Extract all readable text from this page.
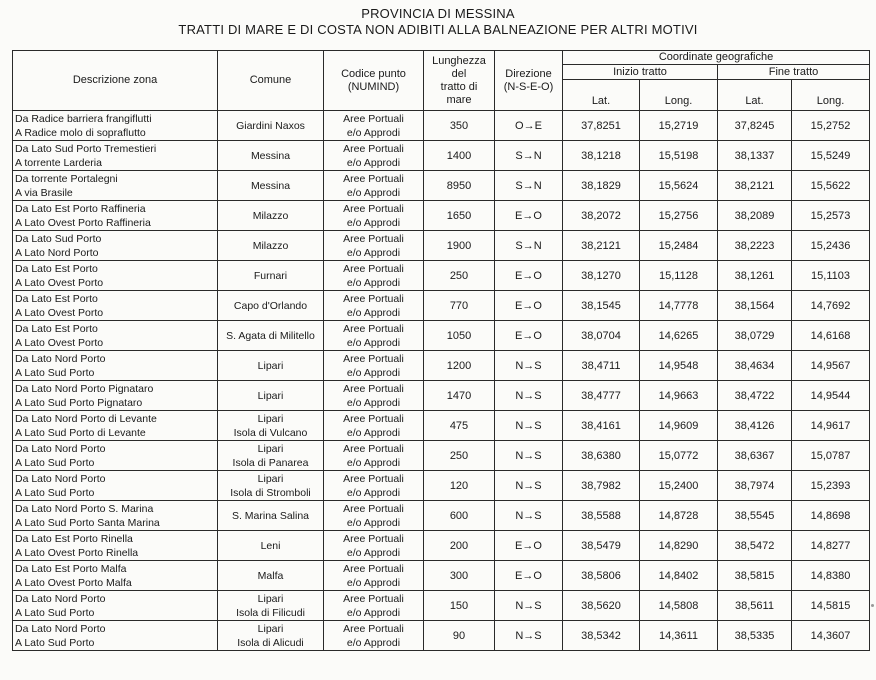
PROVINCIA DI MESSINA
TRATTI DI MARE E DI COSTA NON ADIBITI ALLA BALNEAZIONE PER ALTRI MOTIVI
Descrizione zona	Comune	Codice punto
(NUMIND)	Lunghezza
del
tratto di
mare	Direzione
(N-S-E-O)	Coordinate geografiche			
					Inizio tratto		Fine tratto	
					Lat.	Long.	Lat.	Long.

Da Radice barriera frangiflutti
A Radice molo di sopraflutto	Giardini Naxos	Aree Portuali
e/o Approdi	350	O→E	37,8251	15,2719	37,8245	15,2752

Da Lato Sud Porto Tremestieri
A torrente Larderia	Messina	Aree Portuali
e/o Approdi	1400	S→N	38,1218	15,5198	38,1337	15,5249

Da torrente Portalegni
A via Brasile	Messina	Aree Portuali
e/o Approdi	8950	S→N	38,1829	15,5624	38,2121	15,5622

Da Lato Est Porto Raffineria
A Lato Ovest Porto Raffineria	Milazzo	Aree Portuali
e/o Approdi	1650	E→O	38,2072	15,2756	38,2089	15,2573

Da Lato Sud Porto
A Lato Nord Porto	Milazzo	Aree Portuali
e/o Approdi	1900	S→N	38,2121	15,2484	38,2223	15,2436

Da Lato Est Porto
A Lato Ovest Porto	Furnari	Aree Portuali
e/o Approdi	250	E→O	38,1270	15,1128	38,1261	15,1103

Da Lato Est Porto
A Lato Ovest Porto	Capo d'Orlando	Aree Portuali
e/o Approdi	770	E→O	38,1545	14,7778	38,1564	14,7692

Da Lato Est Porto
A Lato Ovest Porto	S. Agata di Militello	Aree Portuali
e/o Approdi	1050	E→O	38,0704	14,6265	38,0729	14,6168

Da Lato Nord Porto
A Lato Sud Porto	Lipari	Aree Portuali
e/o Approdi	1200	N→S	38,4711	14,9548	38,4634	14,9567

Da Lato Nord Porto Pignataro
A Lato Sud Porto Pignataro	Lipari	Aree Portuali
e/o Approdi	1470	N→S	38,4777	14,9663	38,4722	14,9544

Da Lato Nord Porto di Levante
A Lato Sud Porto di Levante	Lipari
Isola di Vulcano	Aree Portuali
e/o Approdi	475	N→S	38,4161	14,9609	38,4126	14,9617

Da Lato Nord Porto
A Lato Sud Porto	Lipari
Isola di Panarea	Aree Portuali
e/o Approdi	250	N→S	38,6380	15,0772	38,6367	15,0787

Da Lato Nord Porto
A Lato Sud Porto	Lipari
Isola di Stromboli	Aree Portuali
e/o Approdi	120	N→S	38,7982	15,2400	38,7974	15,2393

Da Lato Nord Porto S. Marina
A Lato Sud Porto Santa Marina	S. Marina Salina	Aree Portuali
e/o Approdi	600	N→S	38,5588	14,8728	38,5545	14,8698

Da Lato Est Porto Rinella
A Lato Ovest Porto Rinella	Leni	Aree Portuali
e/o Approdi	200	E→O	38,5479	14,8290	38,5472	14,8277

Da Lato Est Porto Malfa
A Lato Ovest Porto Malfa	Malfa	Aree Portuali
e/o Approdi	300	E→O	38,5806	14,8402	38,5815	14,8380

Da Lato Nord Porto
A Lato Sud Porto	Lipari
Isola di Filicudi	Aree Portuali
e/o Approdi	150	N→S	38,5620	14,5808	38,5611	14,5815

Da Lato Nord Porto
A Lato Sud Porto	Lipari
Isola di Alicudi	Aree Portuali
e/o Approdi	90	N→S	38,5342	14,3611	38,5335	14,3607
